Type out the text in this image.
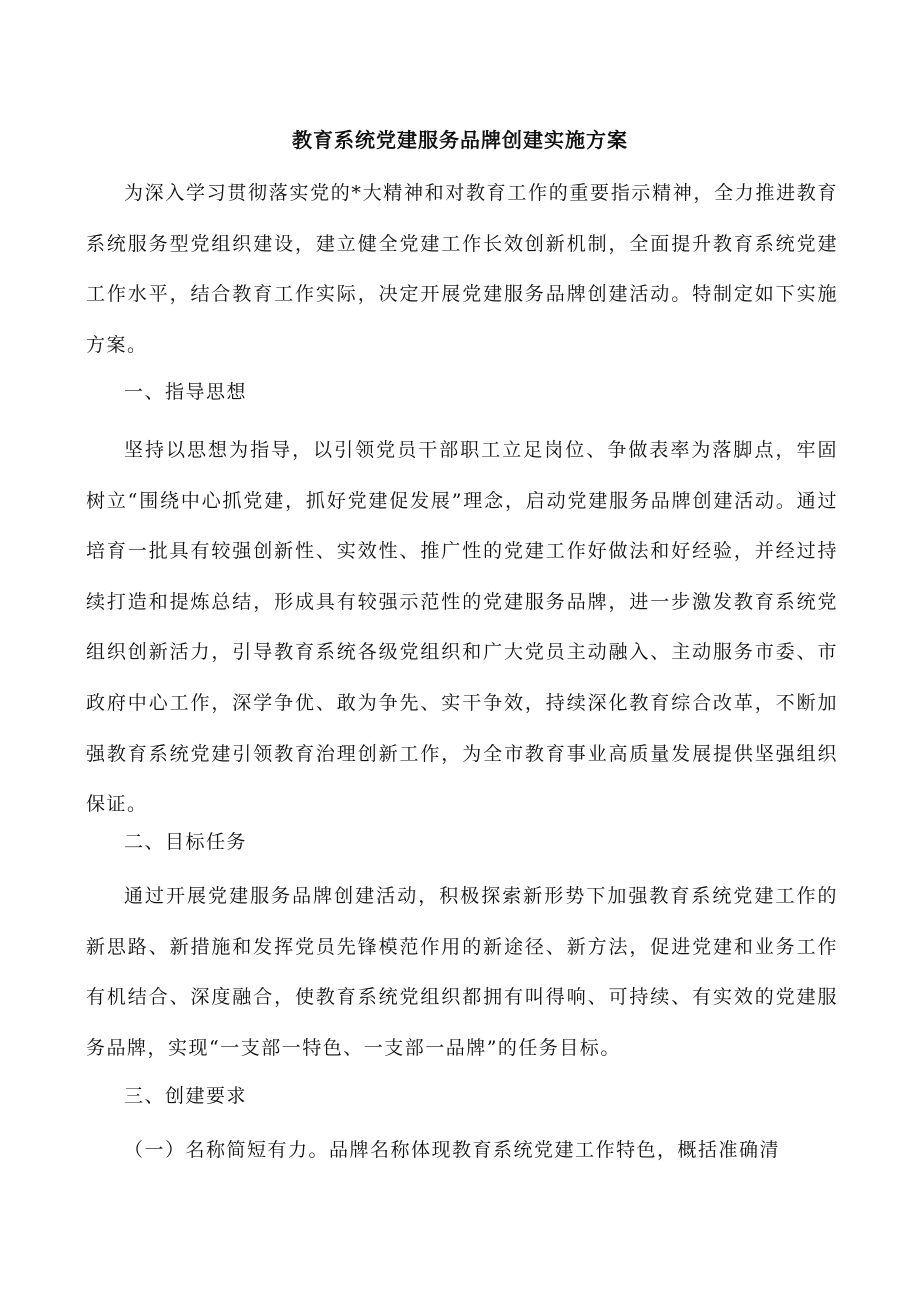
教育系统党建服务品牌创建实施方案

为深入学习贯彻落实党的*大精神和对教育工作的重要指示精神，全力推进教育系统服务型党组织建设，建立健全党建工作长效创新机制，全面提升教育系统党建工作水平，结合教育工作实际，决定开展党建服务品牌创建活动。特制定如下实施方案。

一、指导思想

坚持以思想为指导，以引领党员干部职工立足岗位、争做表率为落脚点，牢固树立“围绕中心抓党建，抓好党建促发展”理念，启动党建服务品牌创建活动。通过培育一批具有较强创新性、实效性、推广性的党建工作好做法和好经验，并经过持续打造和提炼总结，形成具有较强示范性的党建服务品牌，进一步激发教育系统党组织创新活力，引导教育系统各级党组织和广大党员主动融入、主动服务市委、市政府中心工作，深学争优、敢为争先、实干争效，持续深化教育综合改革，不断加强教育系统党建引领教育治理创新工作，为全市教育事业高质量发展提供坚强组织保证。

二、目标任务

通过开展党建服务品牌创建活动，积极探索新形势下加强教育系统党建工作的新思路、新措施和发挥党员先锋模范作用的新途径、新方法，促进党建和业务工作有机结合、深度融合，使教育系统党组织都拥有叫得响、可持续、有实效的党建服务品牌，实现“一支部一特色、一支部一品牌”的任务目标。

三、创建要求

（一）名称简短有力。品牌名称体现教育系统党建工作特色，概括准确清
